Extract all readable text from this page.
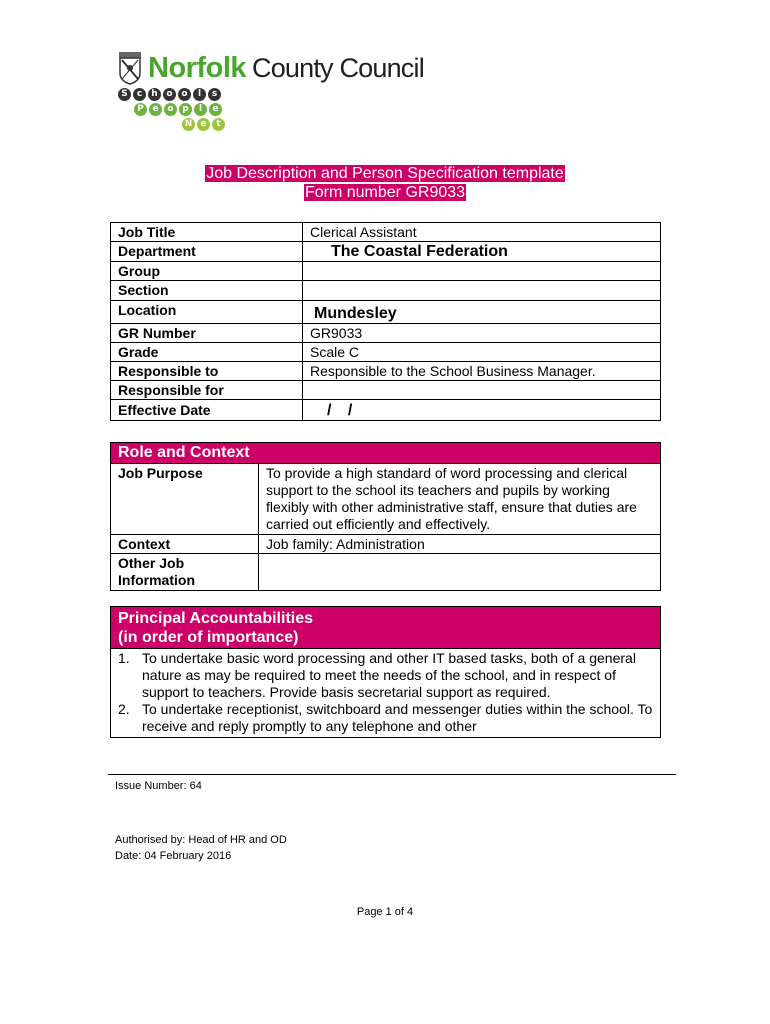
Norfolk County Council
S	c	h o o	l	s
P e o p	l	e
N e	t
Job Description and Person Specification template
Form number GR9033
Job Title	Clerical Assistant
Department	The Coastal Federation
Group	
Section	
Location	Mundesley
GR Number	GR9033
Grade	Scale C
Responsible to	Responsible to the School Business Manager.
Responsible for	
Effective Date	/ /
Role and Context	
Job Purpose	To provide a high standard of word processing and clerical support to the school its teachers and pupils by working flexibly with other administrative staff, ensure that duties are carried out efficiently and effectively.
Context	Job family: Administration
Other Job Information	
Principal Accountabilities
(in order of importance)

1. To undertake basic word processing and other IT based tasks, both of a general nature as may be required to meet the needs of the school, and in respect of support to teachers. Provide basis secretarial support as required.
2. To undertake receptionist, switchboard and messenger duties within the school. To receive and reply promptly to any telephone and other
Issue Number: 64
Authorised by: Head of HR and OD
Date: 04 February 2016
Page 1 of 4
